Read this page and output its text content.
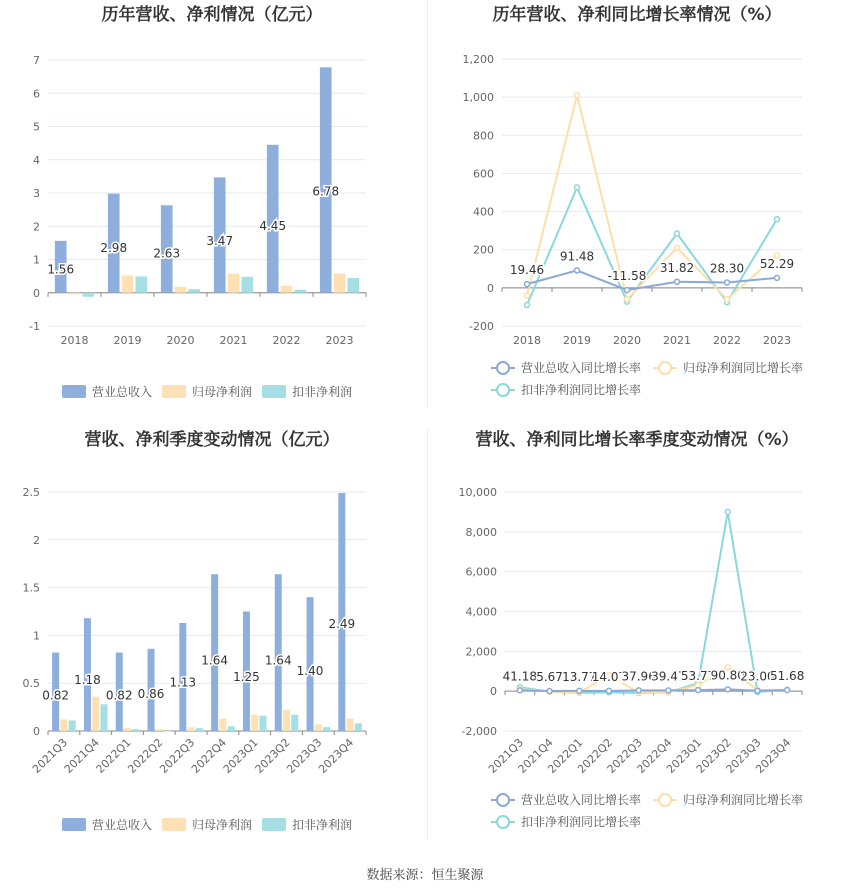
历年营收、净利情况（亿元）
-1
0
1
2
3
4
5
6
7
2018 2019 2020 2021 2022 2023
1.56
2.98 2.63
3.47
4.45
6.78
营业总收入	归母净利润	扣非净利润
历年营收、净利同比增长率情况（%）
-200
0
200
400
600
800
1,000
1,200
2018 2019 2020 2021 2022 2023
19.46
91.48
-11.58
31.82 28.30 52.29
营业总收入同比增长率	归母净利润同比增长率
扣非净利润同比增长率
营收、净利季度变动情况（亿元）
0
0.5
1
1.5
2
2.5
2021Q3
2021Q4
2022Q1
2022Q2
2022Q3
2022Q4
2023Q1
2023Q2
2023Q3
2023Q4
0.82
1.18
0.82 0.86
1.13
1.64
1.25
1.64
1.40
2.49
营业总收入	归母净利润	扣非净利润
营收、净利同比增长率季度变动情况（%）
-2,000
0
2,000
4,000
6,000
8,000
10,000
2021Q3
2021Q4
2022Q1
2022Q2
2022Q3
2022Q4
2023Q1
2023Q2
2023Q3
2023Q4
41.18 5.67 13.77
14.07
37.96
39.47
53.77
90.80
23.00
51.68
营业总收入同比增长率	归母净利润同比增长率
扣非净利润同比增长率
数据来源：恒生聚源
